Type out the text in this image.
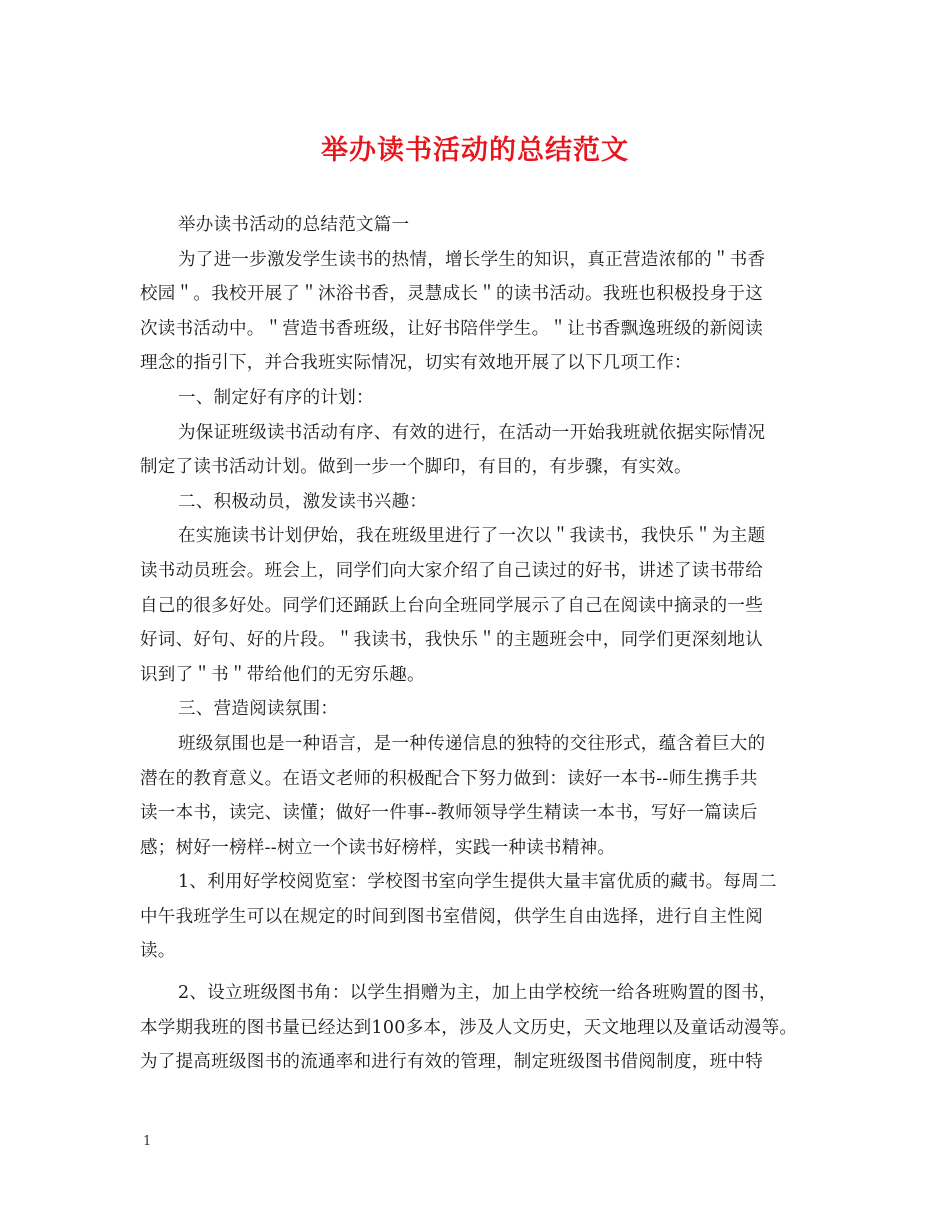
举办读书活动的总结范文
举办读书活动的总结范文篇一
为了进一步激发学生读书的热情，增长学生的知识，真正营造浓郁的＂书香
校园＂。我校开展了＂沐浴书香，灵慧成长＂的读书活动。我班也积极投身于这
次读书活动中。＂营造书香班级，让好书陪伴学生。＂让书香飘逸班级的新阅读
理念的指引下，并合我班实际情况，切实有效地开展了以下几项工作：
一、制定好有序的计划：
为保证班级读书活动有序、有效的进行，在活动一开始我班就依据实际情况
制定了读书活动计划。做到一步一个脚印，有目的，有步骤，有实效。
二、积极动员，激发读书兴趣：
在实施读书计划伊始，我在班级里进行了一次以＂我读书，我快乐＂为主题
读书动员班会。班会上，同学们向大家介绍了自己读过的好书，讲述了读书带给
自己的很多好处。同学们还踊跃上台向全班同学展示了自己在阅读中摘录的一些
好词、好句、好的片段。＂我读书，我快乐＂的主题班会中，同学们更深刻地认
识到了＂书＂带给他们的无穷乐趣。
三、营造阅读氛围：
班级氛围也是一种语言，是一种传递信息的独特的交往形式，蕴含着巨大的
潜在的教育意义。在语文老师的积极配合下努力做到：读好一本书--师生携手共
读一本书，读完、读懂；做好一件事--教师领导学生精读一本书，写好一篇读后
感；树好一榜样--树立一个读书好榜样，实践一种读书精神。
1、利用好学校阅览室：学校图书室向学生提供大量丰富优质的藏书。每周二
中午我班学生可以在规定的时间到图书室借阅，供学生自由选择，进行自主性阅
读。
2、设立班级图书角：以学生捐赠为主，加上由学校统一给各班购置的图书，
本学期我班的图书量已经达到100多本，涉及人文历史，天文地理以及童话动漫等。
为了提高班级图书的流通率和进行有效的管理，制定班级图书借阅制度，班中特
1
